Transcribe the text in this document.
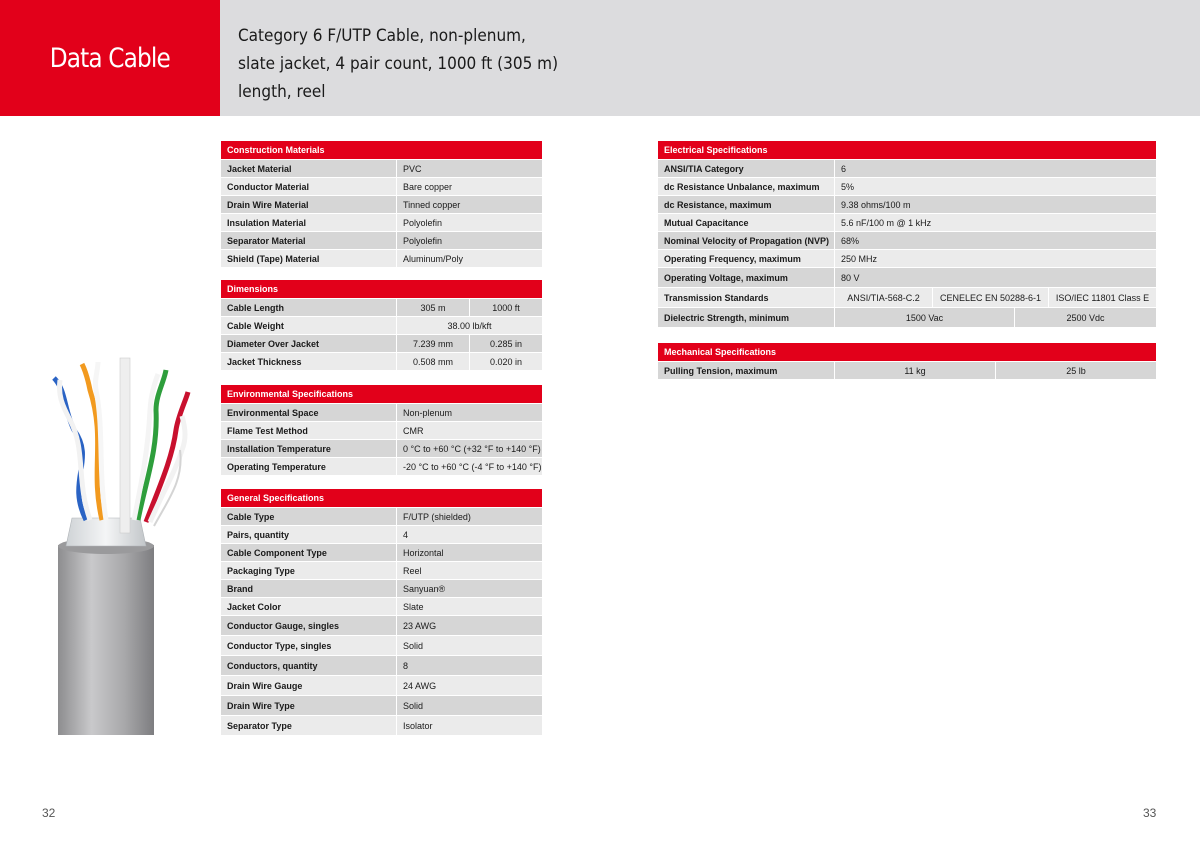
Data Cable
Category 6 F/UTP Cable, non-plenum,
slate jacket, 4 pair count, 1000 ft (305 m)
length, reel
Construction Materials
Jacket Material	PVC
Conductor Material	Bare copper
Drain Wire Material	Tinned copper
Insulation Material	Polyolefin
Separator Material	Polyolefin
Shield (Tape) Material	Aluminum/Poly
Dimensions
Cable Length	305 m	1000 ft
Cable Weight	38.00 lb/kft
Diameter Over Jacket	7.239 mm	0.285 in
Jacket Thickness	0.508 mm	0.020 in
Environmental Specifications
Environmental Space	Non-plenum
Flame Test Method	CMR
Installation Temperature	0 °C to +60 °C (+32 °F to +140 °F)
Operating Temperature	-20 °C to +60 °C (-4 °F to +140 °F)
General Specifications
Cable Type	F/UTP (shielded)
Pairs, quantity	4
Cable Component Type	Horizontal
Packaging Type	Reel
Brand	Sanyuan®
Jacket Color	Slate
Conductor Gauge, singles	23 AWG
Conductor Type, singles	Solid
Conductors, quantity	8
Drain Wire Gauge	24 AWG
Drain Wire Type	Solid
Separator Type	Isolator
Electrical Specifications
ANSI/TIA Category	6
dc Resistance Unbalance, maximum	5%
dc Resistance, maximum	9.38 ohms/100 m
Mutual Capacitance	5.6 nF/100 m @ 1 kHz
Nominal Velocity of Propagation (NVP)	68%
Operating Frequency, maximum	250 MHz
Operating Voltage, maximum	80 V
Transmission Standards	ANSI/TIA-568-C.2	CENELEC EN 50288-6-1	ISO/IEC 11801 Class E
Dielectric Strength, minimum	1500 Vac	2500 Vdc
Mechanical Specifications
Pulling Tension, maximum	11 kg	25 lb
32	33
